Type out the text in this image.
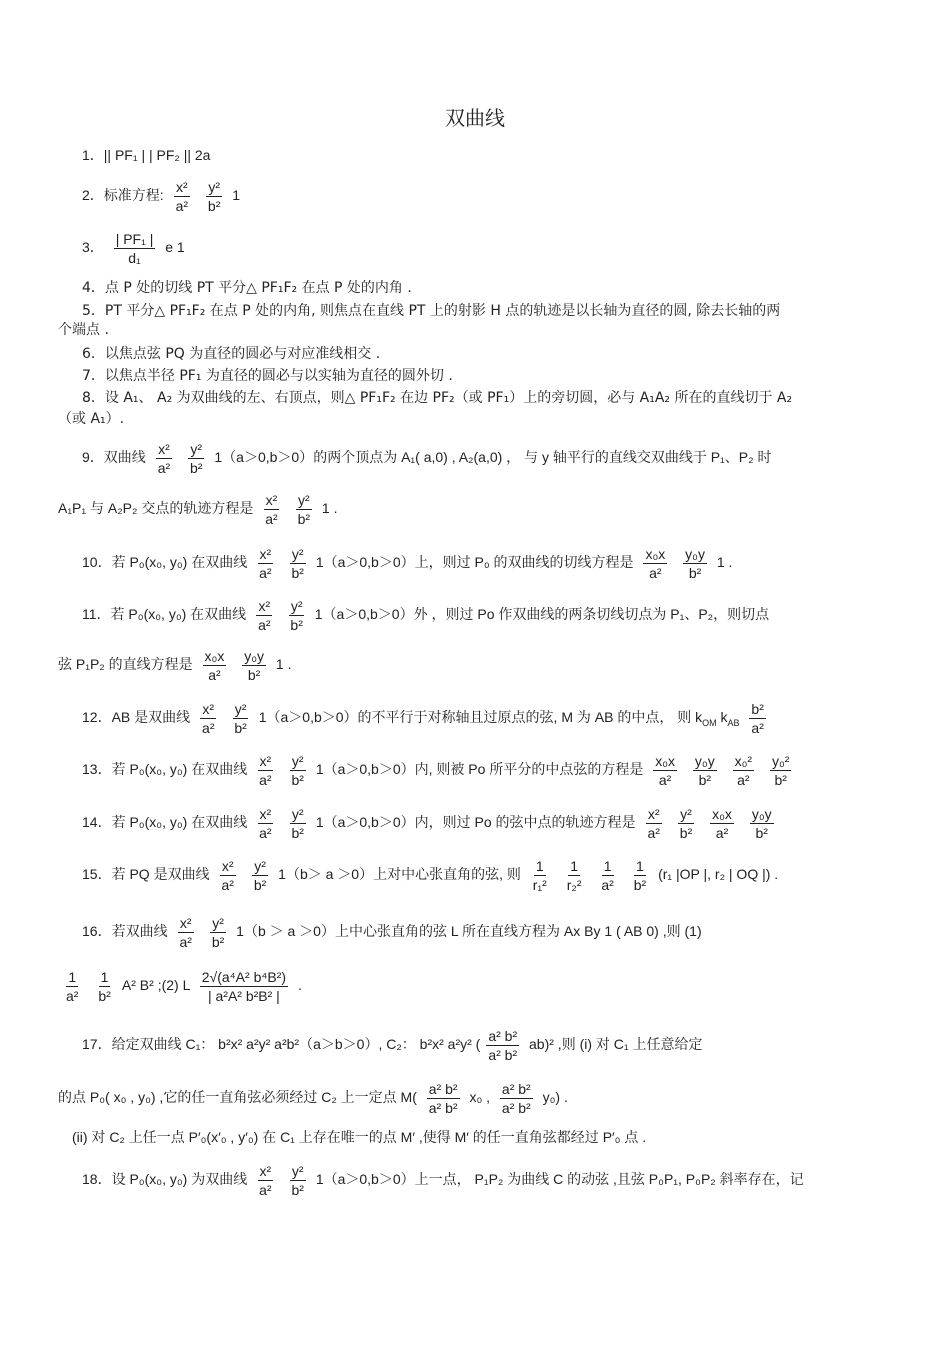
双曲线
1．|| PF₁ | | PF₂ || 2a
2．标准方程: $\frac{\text{x²}}{\text{a²}}$
$\frac{\text{y²}}{\text{b²}} 1$
3． $\frac{\text{| PF₁ |}}{\text{d₁}}$ e 1
4．点 P 处的切线 PT 平分△ PF₁F₂ 在点 P 处的内角 .
5．PT 平分△ PF₁F₂ 在点 P 处的内角, 则焦点在直线 PT 上的射影 H 点的轨迹是以长轴为直径的圆, 除去长轴的两
个端点 .
6．以焦点弦 PQ 为直径的圆必与对应准线相交 .
7．以焦点半径 PF₁ 为直径的圆必与以实轴为直径的圆外切 .
8．设 A₁、 A₂ 为双曲线的左、右顶点，则△ PF₁F₂ 在边 PF₂（或 PF₁）上的旁切圆，必与 A₁A₂ 所在的直线切于 A₂
（或 A₁）.
9．双曲线 $\frac{\text{x²}}{\text{a²}}$
$\frac{\text{y²}}{\text{b²}} 1(a>0,b>0)$的两个顶点为 A₁( a,0) , A₂(a,0) ， 与 y 轴平行的直线交双曲线于 P₁、P₂ 时
A₁P₁ 与 A₂P₂ 交点的轨迹方程是 $\frac{\text{x²}}{\text{a²}}$
$\frac{\text{y²}}{\text{b²}} 1$ .
10．若 P₀(x₀, y₀) 在双曲线 $\frac{\text{x²}}{\text{a²}}$
$\frac{\text{y²}}{\text{b²}} 1(a>0,b>0)$上，则过 P₀ 的双曲线的切线方程是 $\frac{\text{x₀x}}{\text{a²}}$
$\frac{\text{y₀y}}{\text{b²}} 1$ .
11．若 P₀(x₀, y₀) 在双曲线 $\frac{\text{x²}}{\text{a²}}$
$\frac{\text{y²}}{\text{b²}} 1(a>0,b>0)$外 ，则过 Po 作双曲线的两条切线切点为 P₁、P₂，则切点
弦 P₁P₂ 的直线方程是 $\frac{\text{x₀x}}{\text{a²}}$
$\frac{\text{y₀y}}{\text{b²}} 1$ .
12．AB 是双曲线 $\frac{\text{x²}}{\text{a²}}$
$\frac{\text{y²}}{\text{b²}} 1(a>0,b>0)$的不平行于对称轴且过原点的弦, M 为 AB 的中点， 则 $k_{OM}$ $k_{AB} \frac{\text{b²}}{\text{a²}}$
13．若 P₀(x₀, y₀) 在双曲线 $\frac{\text{x²}}{\text{a²}}$
$\frac{\text{y²}}{\text{b²}} 1(a>0,b>0)$内, 则被 Po 所平分的中点弦的方程是 $\frac{\text{x₀x}}{\text{a²}}$
$\frac{\text{y₀y}}{\text{b²}}$
$\frac{\text{x₀²}}{\text{a²}}$
$\frac{\text{y₀²}}{\text{b²}}$
14．若 P₀(x₀, y₀) 在双曲线 $\frac{\text{x²}}{\text{a²}}$
$\frac{\text{y²}}{\text{b²}} 1(a>0,b>0)$内，则过 Po 的弦中点的轨迹方程是 $\frac{\text{x²}}{\text{a²}}$
$\frac{\text{y²}}{\text{b²}}$
$\frac{\text{x₀x}}{\text{a²}}$
$\frac{\text{y₀y}}{\text{b²}}$
15．若 PQ 是双曲线 $\frac{\text{x²}}{\text{a²}}$
$\frac{\text{y²}}{\text{b²}} 1(b> a >0)$上对中心张直角的弦, 则 $\frac{1}{\text{r₁²}}$
$\frac{1}{\text{r₂²}}$
$\frac{1}{\text{a²}}$
$\frac{1}{\text{b²}} (r_1$ |OP |, r₂ | OQ |) .
16．若双曲线 $\frac{\text{x²}}{\text{a²}}$
$\frac{\text{y²}}{\text{b²}} 1(b > a >0)$上中心张直角的弦 L 所在直线方程为 Ax By 1 ( AB 0) ,则 (1)
$\frac{1}{\text{a²}}$
$\frac{1}{\text{b²}} A^2$ B² ;(2) L $\frac{\text{2√(a⁴A² b⁴B²)}}{\text{| a²A² b²B² |}}$ .
17．给定双曲线 C₁： b²x² a²y² a²b²（a＞b＞0）, C₂： b²x² a²y² ( $\frac{\text{a² b²}}{\text{a² b²}} ab)^2$ ,则 (i) 对 C₁ 上任意给定
的点 P₀( x₀ , y₀) ,它的任一直角弦必须经过 C₂ 上一定点 $M( \frac{\text{a² b²}}{\text{a² b²}} x_0$ , $\frac{\text{a² b²}}{\text{a² b²}} y_0$) .
(ii) 对 C₂ 上任一点 P′₀(x′₀ , y′₀) 在 C₁ 上存在唯一的点 M′ ,使得 M′ 的任一直角弦都经过 P′₀ 点 .
18．设 P₀(x₀, y₀) 为双曲线 $\frac{\text{x²}}{\text{a²}}$
$\frac{\text{y²}}{\text{b²}} 1(a>0,b>0)$上一点， P₁P₂ 为曲线 C 的动弦 ,且弦 P₀P₁, P₀P₂ 斜率存在，记
